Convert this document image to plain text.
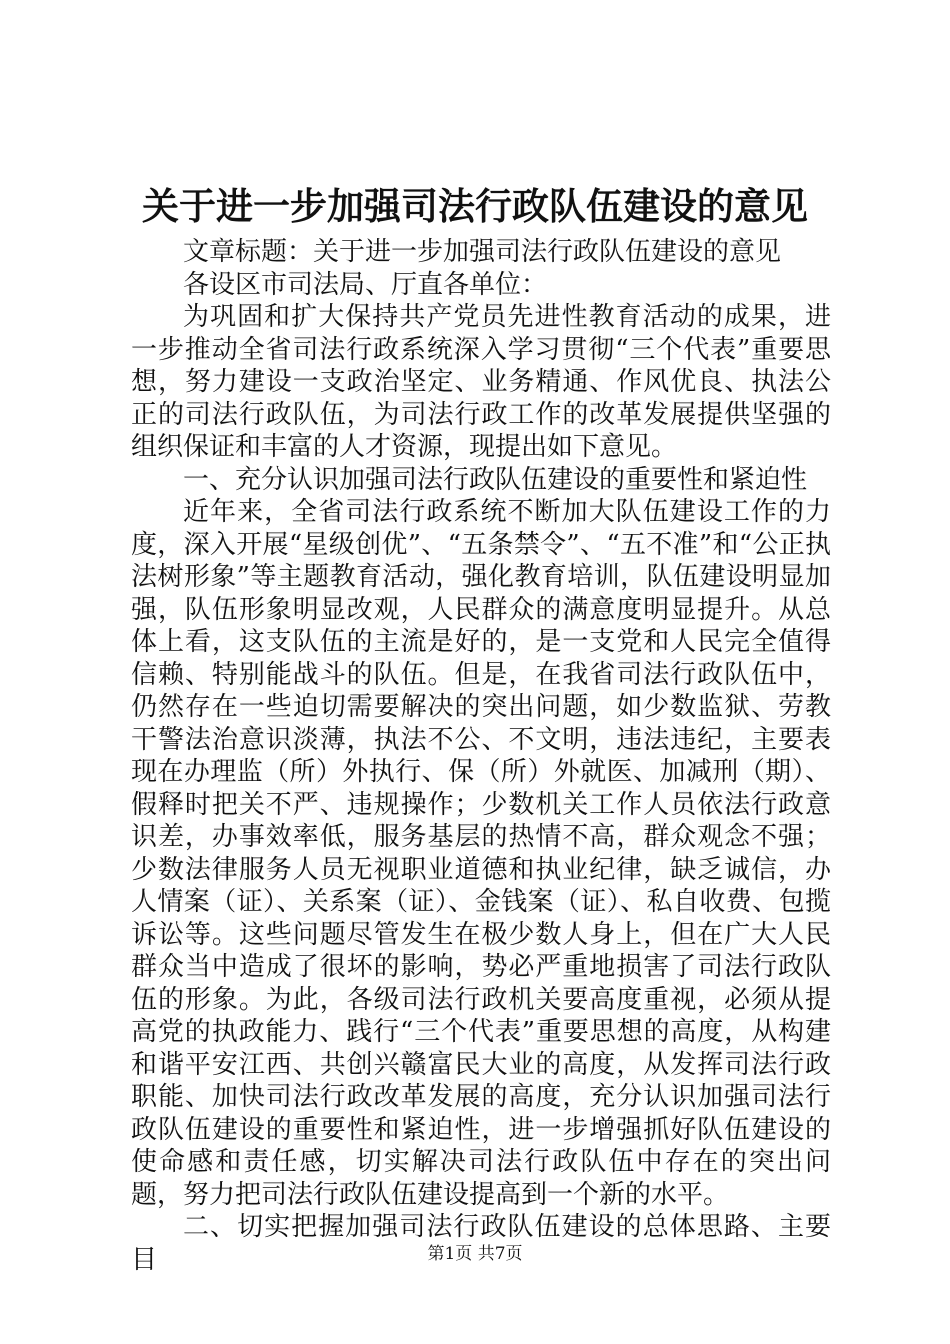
关于进一步加强司法行政队伍建设的意见

文章标题：关于进一步加强司法行政队伍建设的意见

各设区市司法局、厅直各单位：

为巩固和扩大保持共产党员先进性教育活动的成果，进一步推动全省司法行政系统深入学习贯彻“三个代表”重要思想，努力建设一支政治坚定、业务精通、作风优良、执法公正的司法行政队伍，为司法行政工作的改革发展提供坚强的组织保证和丰富的人才资源，现提出如下意见。

一、充分认识加强司法行政队伍建设的重要性和紧迫性

近年来，全省司法行政系统不断加大队伍建设工作的力度，深入开展“星级创优”、“五条禁令”、“五不准”和“公正执法树形象”等主题教育活动，强化教育培训，队伍建设明显加强，队伍形象明显改观，人民群众的满意度明显提升。从总体上看，这支队伍的主流是好的，是一支党和人民完全值得信赖、特别能战斗的队伍。但是，在我省司法行政队伍中，仍然存在一些迫切需要解决的突出问题，如少数监狱、劳教干警法治意识淡薄，执法不公、不文明，违法违纪，主要表现在办理监（所）外执行、保（所）外就医、加减刑（期）、假释时把关不严、违规操作；少数机关工作人员依法行政意识差，办事效率低，服务基层的热情不高，群众观念不强；少数法律服务人员无视职业道德和执业纪律，缺乏诚信，办人情案（证）、关系案（证）、金钱案（证）、私自收费、包揽诉讼等。这些问题尽管发生在极少数人身上，但在广大人民群众当中造成了很坏的影响，势必严重地损害了司法行政队伍的形象。为此，各级司法行政机关要高度重视，必须从提高党的执政能力、践行“三个代表”重要思想的高度，从构建和谐平安江西、共创兴赣富民大业的高度，从发挥司法行政职能、加快司法行政改革发展的高度，充分认识加强司法行政队伍建设的重要性和紧迫性，进一步增强抓好队伍建设的使命感和责任感，切实解决司法行政队伍中存在的突出问题，努力把司法行政队伍建设提高到一个新的水平。

二、切实把握加强司法行政队伍建设的总体思路、主要目	第1页 共7页
